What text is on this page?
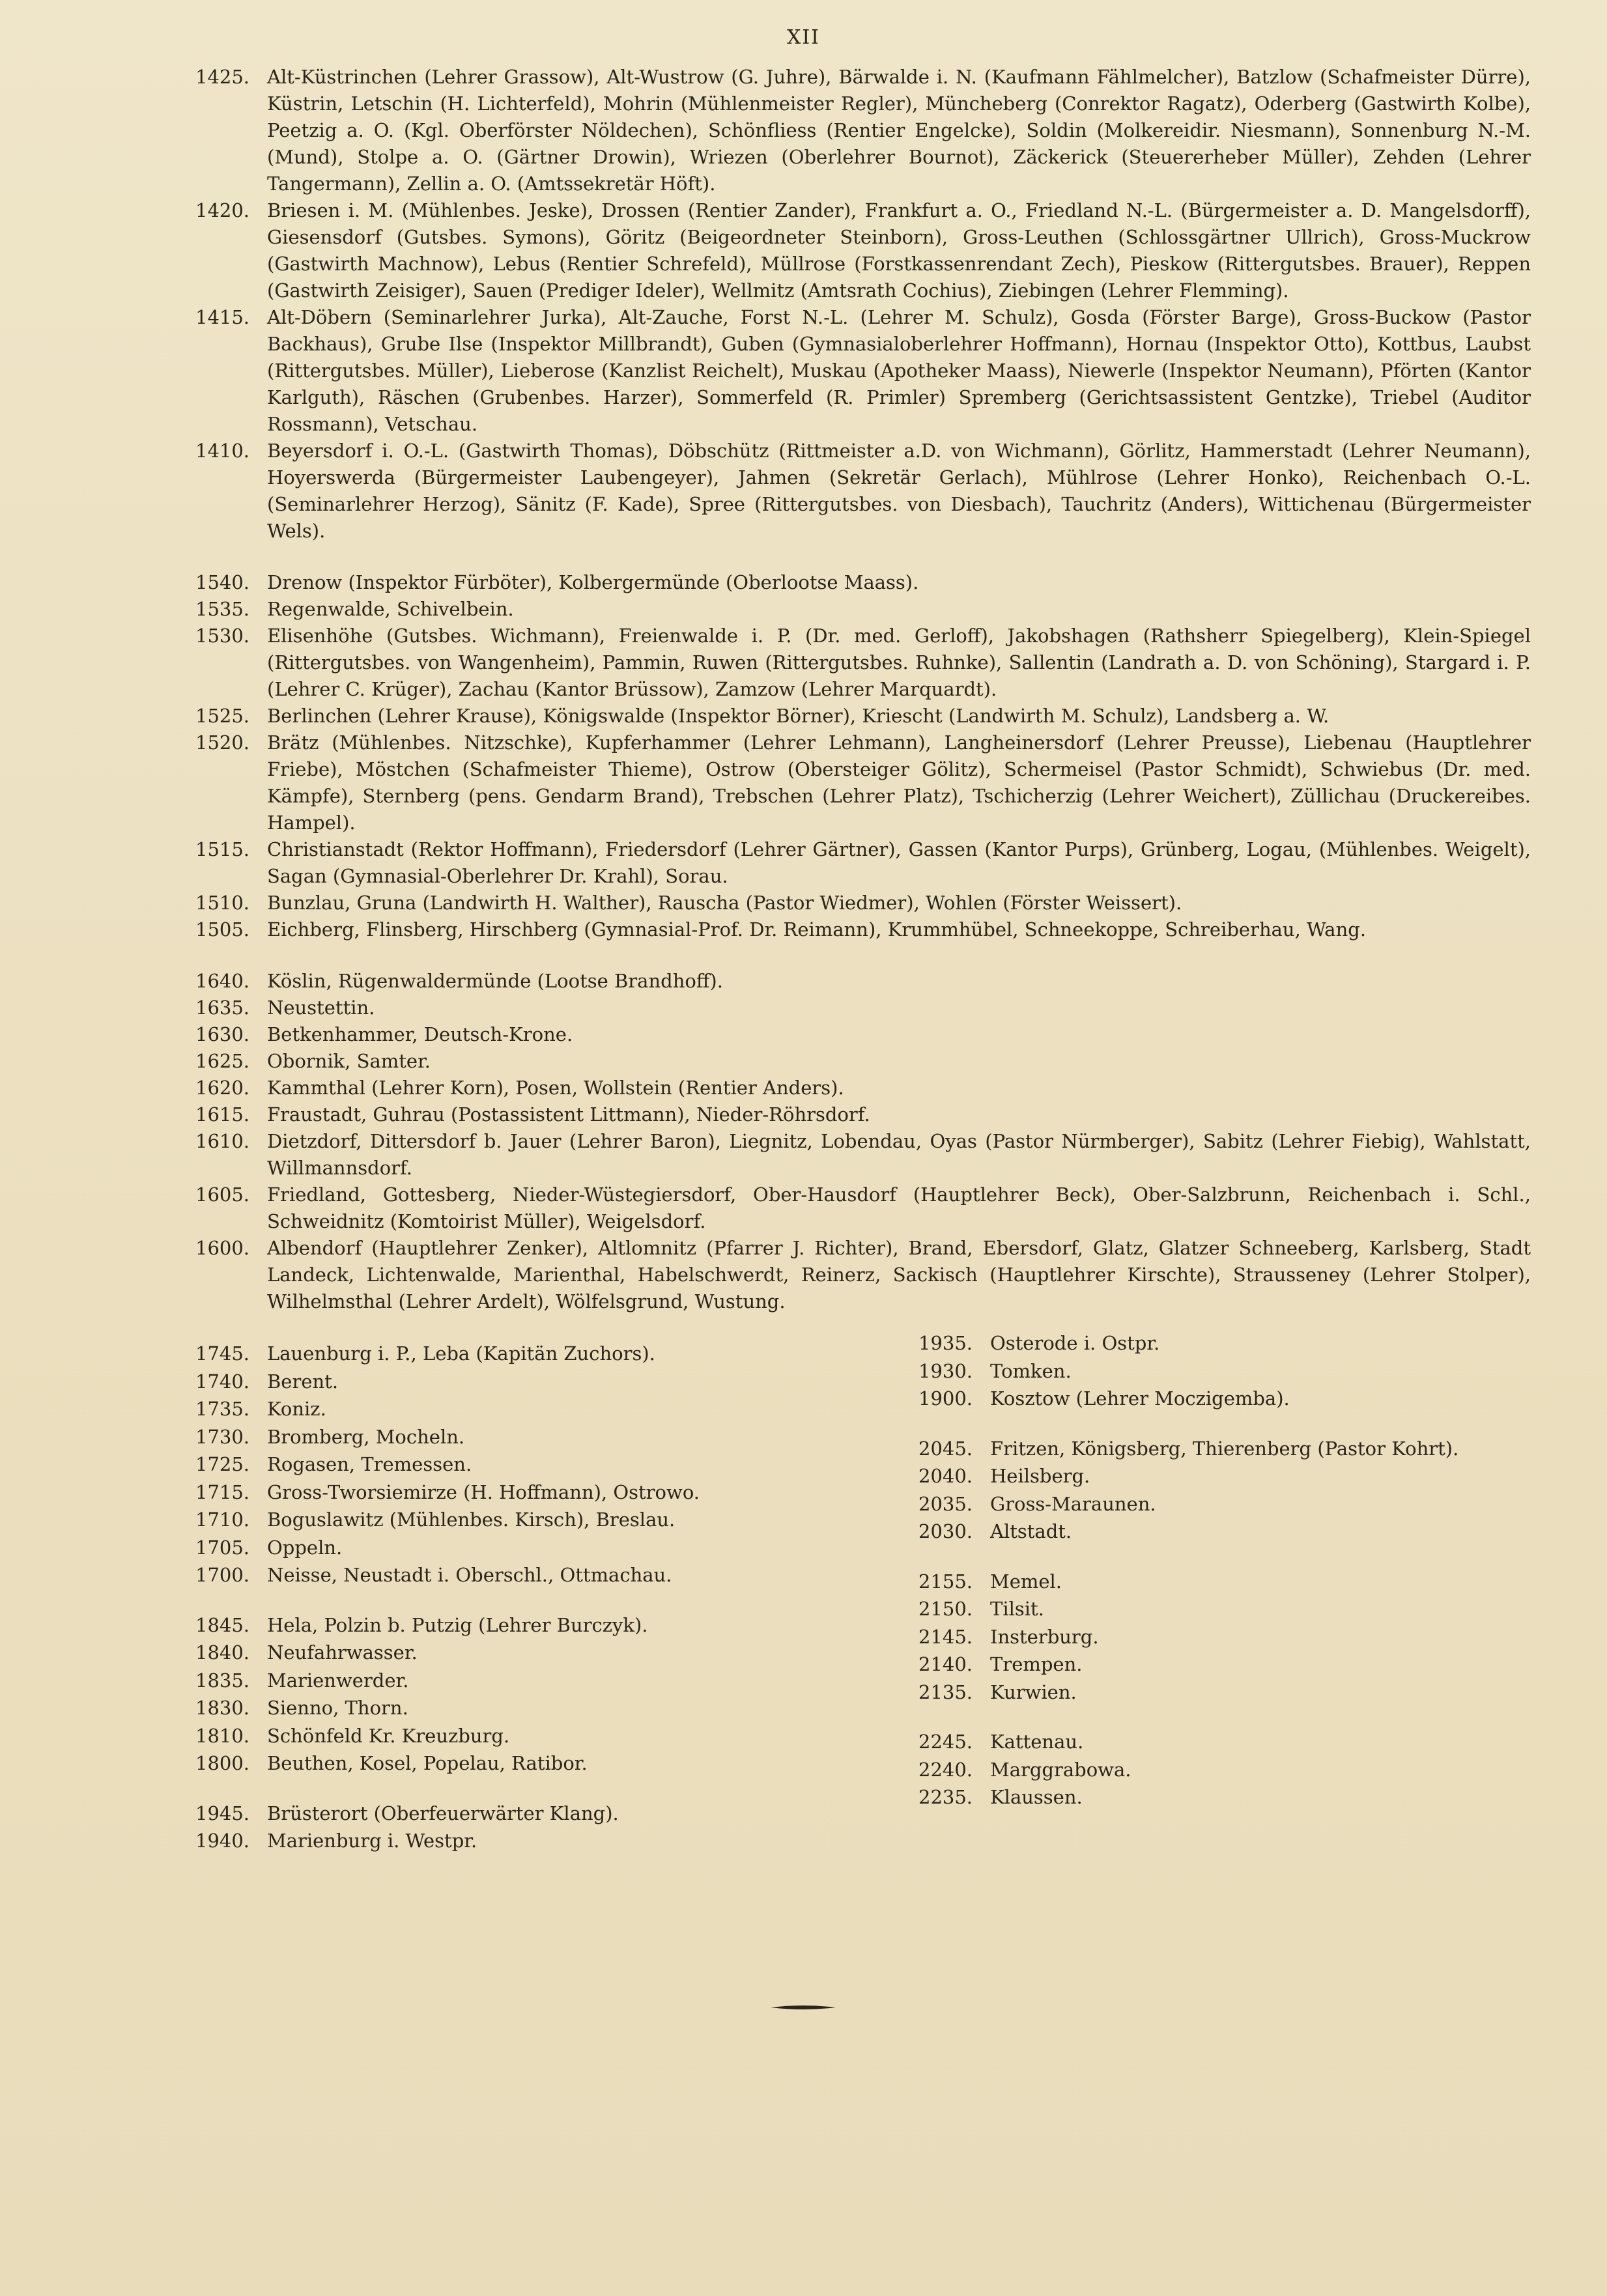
XII
1425. Alt-Küstrinchen (Lehrer Grassow), Alt-Wustrow (G. Juhre), Bärwalde i. N. (Kaufmann Fählmelcher), Batzlow (Schafmeister Dürre), Küstrin, Letschin (H. Lichterfeld), Mohrin (Mühlenmeister Regler), Müncheberg (Conrektor Ragatz), Oderberg (Gastwirth Kolbe), Peetzig a. O. (Kgl. Oberförster Nöldechen), Schönfliess (Rentier Engelcke), Soldin (Molkereidir. Niesmann), Sonnenburg N.-M. (Mund), Stolpe a. O. (Gärtner Drowin), Wriezen (Oberlehrer Bournot), Zäckerick (Steuererheber Müller), Zehden (Lehrer Tangermann), Zellin a. O. (Amtssekretär Höft).
1420. Briesen i. M. (Mühlenbes. Jeske), Drossen (Rentier Zander), Frankfurt a. O., Friedland N.-L. (Bürgermeister a. D. Mangelsdorff), Giesensdorf (Gutsbes. Symons), Göritz (Beigeordneter Steinborn), Gross-Leuthen (Schlossgärtner Ullrich), Gross-Muckrow (Gastwirth Machnow), Lebus (Rentier Schrefeld), Müllrose (Forstkassenrendant Zech), Pieskow (Rittergutsbes. Brauer), Reppen (Gastwirth Zeisiger), Sauen (Prediger Ideler), Wellmitz (Amtsrath Cochius), Ziebingen (Lehrer Flemming).
1415. Alt-Döbern (Seminarlehrer Jurka), Alt-Zauche, Forst N.-L. (Lehrer M. Schulz), Gosda (Förster Barge), Gross-Buckow (Pastor Backhaus), Grube Ilse (Inspektor Millbrandt), Guben (Gymnasialoberlehrer Hoffmann), Hornau (Inspektor Otto), Kottbus, Laubst (Rittergutsbes. Müller), Lieberose (Kanzlist Reichelt), Muskau (Apotheker Maass), Niewerle (Inspektor Neumann), Pförten (Kantor Karlguth), Räschen (Grubenbes. Harzer), Sommerfeld (R. Primler) Spremberg (Gerichtsassistent Gentzke), Triebel (Auditor Rossmann), Vetschau.
1410. Beyersdorf i. O.-L. (Gastwirth Thomas), Döbschütz (Rittmeister a.D. von Wichmann), Görlitz, Hammerstadt (Lehrer Neumann), Hoyerswerda (Bürgermeister Laubengeyer), Jahmen (Sekretär Gerlach), Mühlrose (Lehrer Honko), Reichenbach O.-L. (Seminarlehrer Herzog), Sänitz (F. Kade), Spree (Rittergutsbes. von Diesbach), Tauchritz (Anders), Wittichenau (Bürgermeister Wels).
1540. Drenow (Inspektor Fürböter), Kolbergermünde (Oberlootse Maass).
1535. Regenwalde, Schivelbein.
1530. Elisenhöhe (Gutsbes. Wichmann), Freienwalde i. P. (Dr. med. Gerloff), Jakobshagen (Rathsherr Spiegelberg), Klein-Spiegel (Rittergutsbes. von Wangenheim), Pammin, Ruwen (Rittergutsbes. Ruhnke), Sallentin (Landrath a. D. von Schöning), Stargard i. P. (Lehrer C. Krüger), Zachau (Kantor Brüssow), Zamzow (Lehrer Marquardt).
1525. Berlinchen (Lehrer Krause), Königswalde (Inspektor Börner), Kriescht (Landwirth M. Schulz), Landsberg a. W.
1520. Brätz (Mühlenbes. Nitzschke), Kupferhammer (Lehrer Lehmann), Langheinersdorf (Lehrer Preusse), Liebenau (Hauptlehrer Friebe), Möstchen (Schafmeister Thieme), Ostrow (Obersteiger Gölitz), Schermeisel (Pastor Schmidt), Schwiebus (Dr. med. Kämpfe), Sternberg (pens. Gendarm Brand), Trebschen (Lehrer Platz), Tschicherzig (Lehrer Weichert), Züllichau (Druckereibes. Hampel).
1515. Christianstadt (Rektor Hoffmann), Friedersdorf (Lehrer Gärtner), Gassen (Kantor Purps), Grünberg, Logau, (Mühlenbes. Weigelt), Sagan (Gymnasial-Oberlehrer Dr. Krahl), Sorau.
1510. Bunzlau, Gruna (Landwirth H. Walther), Rauscha (Pastor Wiedmer), Wohlen (Förster Weissert).
1505. Eichberg, Flinsberg, Hirschberg (Gymnasial-Prof. Dr. Reimann), Krummhübel, Schneekoppe, Schreiberhau, Wang.
1640. Köslin, Rügenwaldermünde (Lootse Brandhoff).
1635. Neustettin.
1630. Betkenhammer, Deutsch-Krone.
1625. Obornik, Samter.
1620. Kammthal (Lehrer Korn), Posen, Wollstein (Rentier Anders).
1615. Fraustadt, Guhrau (Postassistent Littmann), Nieder-Röhrsdorf.
1610. Dietzdorf, Dittersdorf b. Jauer (Lehrer Baron), Liegnitz, Lobendau, Oyas (Pastor Nürmberger), Sabitz (Lehrer Fiebig), Wahlstatt, Willmannsdorf.
1605. Friedland, Gottesberg, Nieder-Wüstegiersdorf, Ober-Hausdorf (Hauptlehrer Beck), Ober-Salzbrunn, Reichenbach i. Schl., Schweidnitz (Komtoirist Müller), Weigelsdorf.
1600. Albendorf (Hauptlehrer Zenker), Altlomnitz (Pfarrer J. Richter), Brand, Ebersdorf, Glatz, Glatzer Schneeberg, Karlsberg, Stadt Landeck, Lichtenwalde, Marienthal, Habelschwerdt, Reinerz, Sackisch (Hauptlehrer Kirschte), Strausseney (Lehrer Stolper), Wilhelmsthal (Lehrer Ardelt), Wölfelsgrund, Wustung.
1745. Lauenburg i. P., Leba (Kapitän Zuchors).
1740. Berent.
1735. Koniz.
1730. Bromberg, Mocheln.
1725. Rogasen, Tremessen.
1715. Gross-Tworsiemirze (H. Hoffmann), Ostrowo.
1710. Boguslawitz (Mühlenbes. Kirsch), Breslau.
1705. Oppeln.
1700. Neisse, Neustadt i. Oberschl., Ottmachau.
1845. Hela, Polzin b. Putzig (Lehrer Burczyk).
1840. Neufahrwasser.
1835. Marienwerder.
1830. Sienno, Thorn.
1810. Schönfeld Kr. Kreuzburg.
1800. Beuthen, Kosel, Popelau, Ratibor.
1945. Brüsterort (Oberfeuerwärter Klang).
1940. Marienburg i. Westpr.
1935. Osterode i. Ostpr.
1930. Tomken.
1900. Kosztow (Lehrer Moczigemba).
2045. Fritzen, Königsberg, Thierenberg (Pastor Kohrt).
2040. Heilsberg.
2035. Gross-Maraunen.
2030. Altstadt.
2155. Memel.
2150. Tilsit.
2145. Insterburg.
2140. Trempen.
2135. Kurwien.
2245. Kattenau.
2240. Marggrabowa.
2235. Klaussen.
